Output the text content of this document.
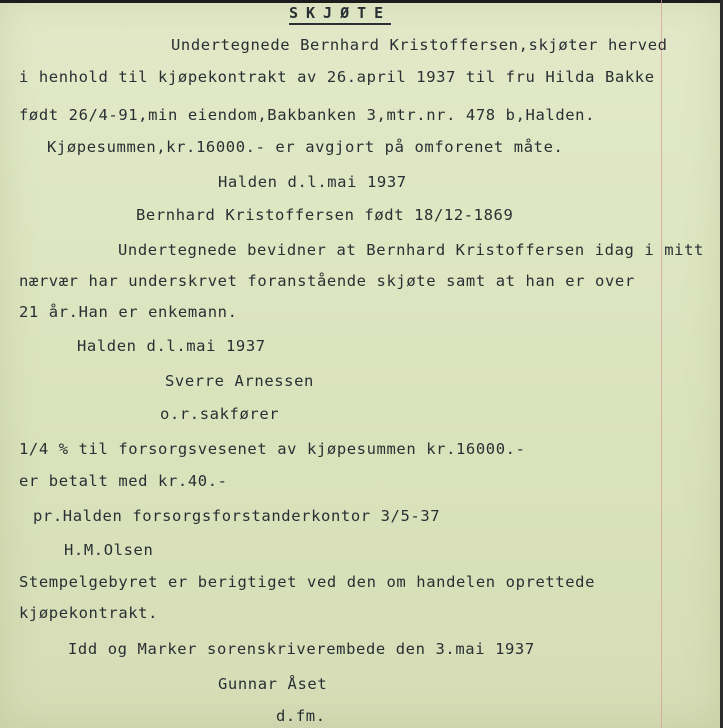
SKJØTE
Undertegnede Bernhard Kristoffersen,skjøter herved
i henhold til kjøpekontrakt av 26.april 1937 til fru Hilda Bakke
født 26/4-91,min eiendom,Bakbanken 3,mtr.nr. 478 b,Halden.
Kjøpesummen,kr.16000.- er avgjort på omforenet måte.
Halden d.l.mai 1937
Bernhard Kristoffersen født 18/12-1869
Undertegnede bevidner at Bernhard Kristoffersen idag i mitt
nærvær har underskrvet foranstående skjøte samt at han er over
21 år.Han er enkemann.
Halden d.l.mai 1937
Sverre Arnessen
o.r.sakfører
1/4 % til forsorgsvesenet av kjøpesummen kr.16000.-
er betalt med kr.40.-
pr.Halden forsorgsforstanderkontor 3/5-37
H.M.Olsen
Stempelgebyret er berigtiget ved den om handelen oprettede
kjøpekontrakt.
Idd og Marker sorenskriverembede den 3.mai 1937
Gunnar Åset
d.fm.
